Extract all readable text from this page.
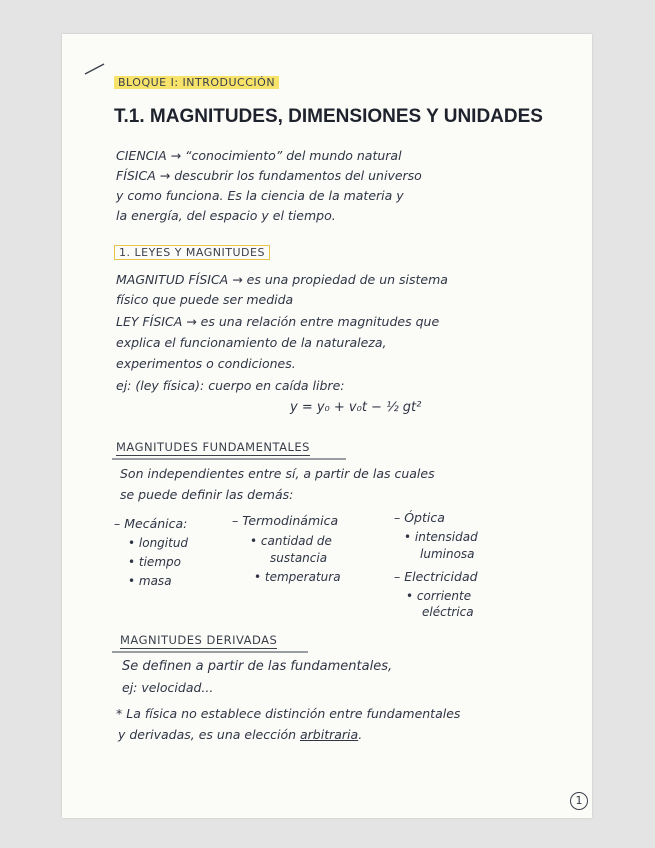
BLOQUE I: INTRODUCCIÓN
T.1. MAGNITUDES, DIMENSIONES Y UNIDADES
CIENCIA → “conocimiento” del mundo natural
FÍSICA → descubrir los fundamentos del universo
y como funciona. Es la ciencia de la materia y
la energía, del espacio y el tiempo.
1. LEYES Y MAGNITUDES
MAGNITUD FÍSICA → es una propiedad de un sistema
físico que puede ser medida
LEY FÍSICA → es una relación entre magnitudes que
explica el funcionamiento de la naturaleza,
experimentos o condiciones.
ej: (ley física): cuerpo en caída libre:
y = y₀ + v₀t − ½ gt²
MAGNITUDES FUNDAMENTALES
Son independientes entre sí, a partir de las cuales
se puede definir las demás:
– Mecánica:
• longitud
• tiempo
• masa
– Termodinámica
• cantidad de
sustancia
• temperatura
– Óptica
• intensidad
luminosa
– Electricidad
• corriente
eléctrica
MAGNITUDES DERIVADAS
Se definen a partir de las fundamentales,
ej: velocidad...
* La física no establece distinción entre fundamentales
y derivadas, es una elección arbitraria.
1
